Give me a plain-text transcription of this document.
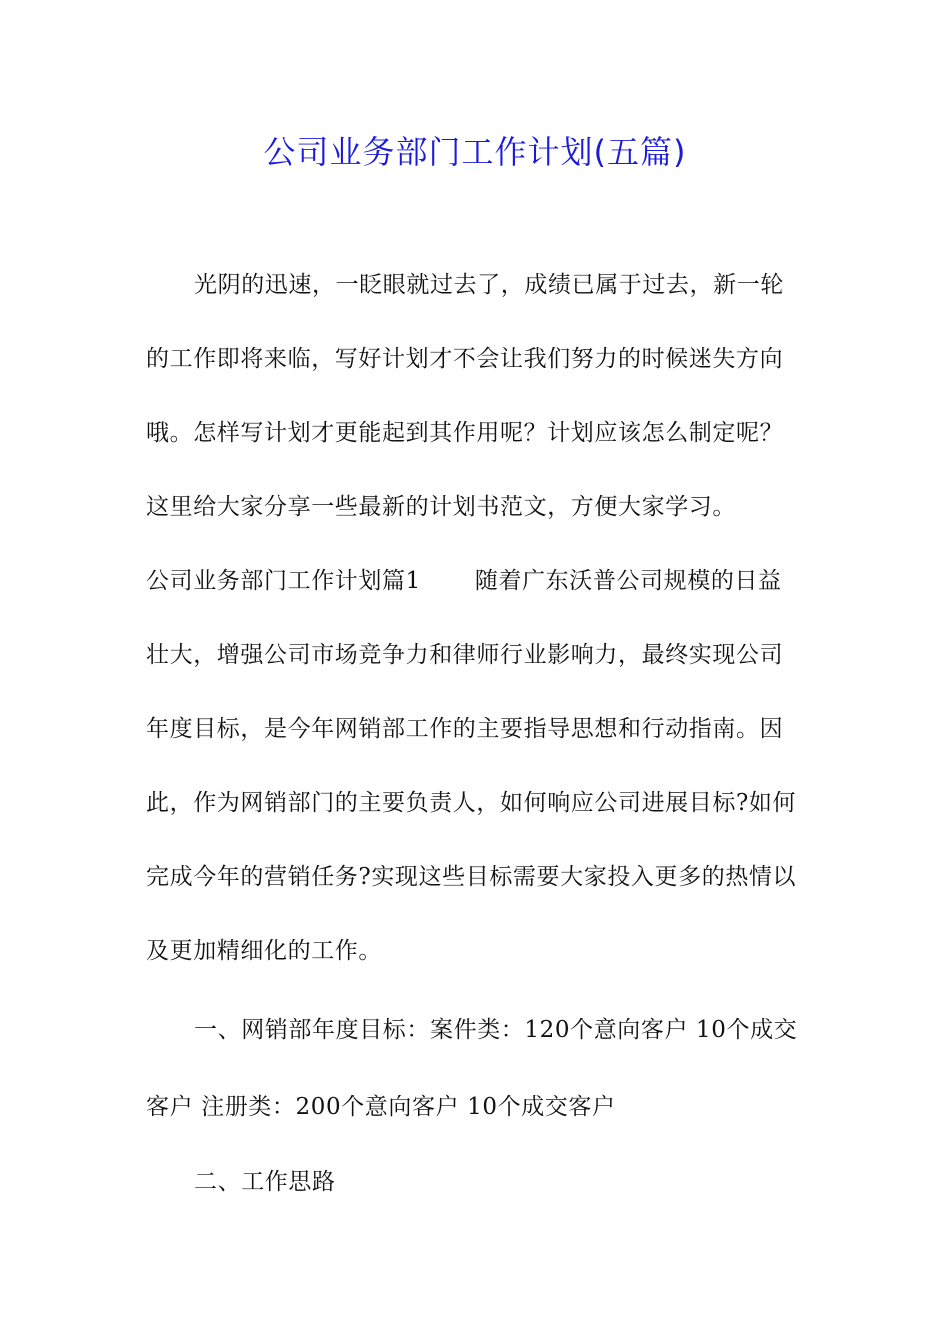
公司业务部门工作计划(五篇)
光阴的迅速，一眨眼就过去了，成绩已属于过去，新一轮
的工作即将来临，写好计划才不会让我们努力的时候迷失方向
哦。怎样写计划才更能起到其作用呢？计划应该怎么制定呢？
这里给大家分享一些最新的计划书范文，方便大家学习。
公司业务部门工作计划篇1 随着广东沃普公司规模的日益
壮大，增强公司市场竞争力和律师行业影响力，最终实现公司
年度目标，是今年网销部工作的主要指导思想和行动指南。因
此，作为网销部门的主要负责人，如何响应公司进展目标?如何
完成今年的营销任务?实现这些目标需要大家投入更多的热情以
及更加精细化的工作。
一、网销部年度目标：案件类：120个意向客户 10个成交
客户 注册类：200个意向客户 10个成交客户
二、工作思路
